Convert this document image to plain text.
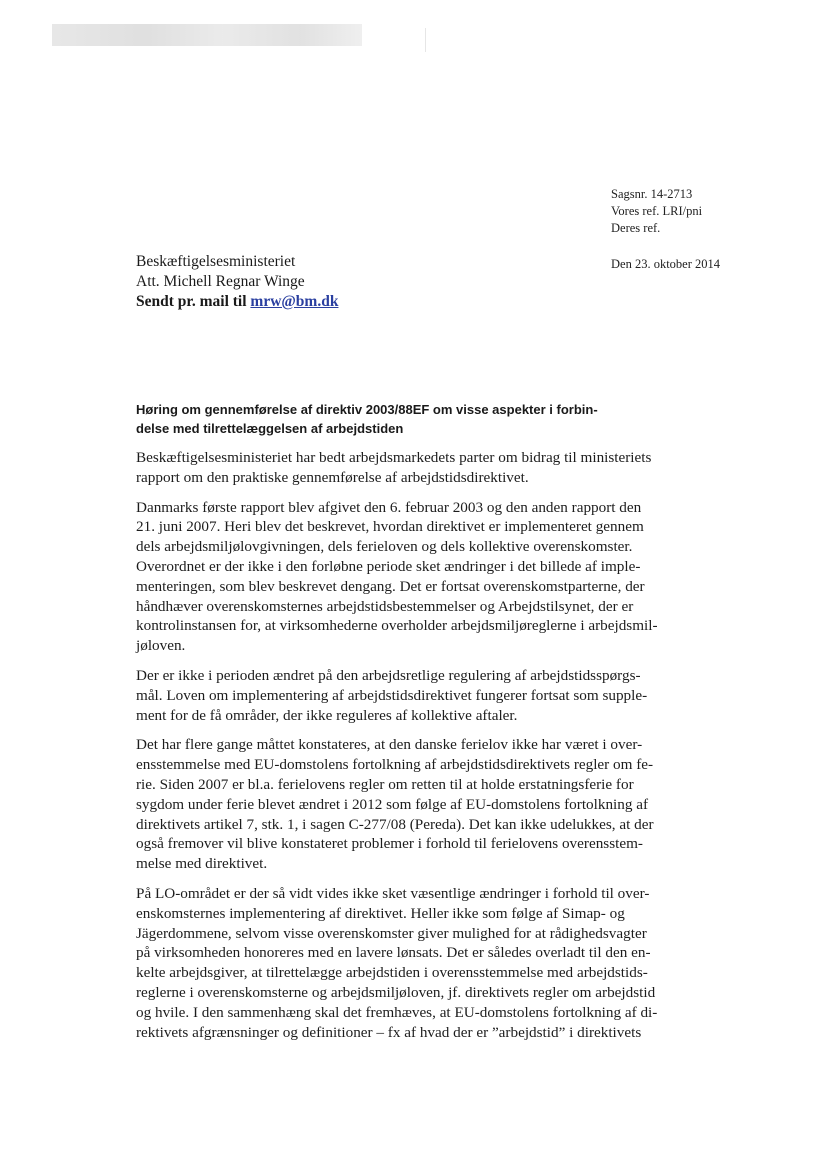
Sagsnr. 14-2713
Vores ref. LRI/pni
Deres ref.
Den 23. oktober 2014
Beskæftigelsesministeriet
Att. Michell Regnar Winge
Sendt pr. mail til mrw@bm.dk
Høring om gennemførelse af direktiv 2003/88EF om visse aspekter i forbin-
delse med tilrettelæggelsen af arbejdstiden

Beskæftigelsesministeriet har bedt arbejdsmarkedets parter om bidrag til ministeriets
rapport om den praktiske gennemførelse af arbejdstidsdirektivet.

Danmarks første rapport blev afgivet den 6. februar 2003 og den anden rapport den
21. juni 2007. Heri blev det beskrevet, hvordan direktivet er implementeret gennem
dels arbejdsmiljølovgivningen, dels ferieloven og dels kollektive overenskomster.
Overordnet er der ikke i den forløbne periode sket ændringer i det billede af imple-
menteringen, som blev beskrevet dengang. Det er fortsat overenskomstparterne, der
håndhæver overenskomsternes arbejdstidsbestemmelser og Arbejdstilsynet, der er
kontrolinstansen for, at virksomhederne overholder arbejdsmiljøreglerne i arbejdsmil-
jøloven.

Der er ikke i perioden ændret på den arbejdsretlige regulering af arbejdstidsspørgs-
mål. Loven om implementering af arbejdstidsdirektivet fungerer fortsat som supple-
ment for de få områder, der ikke reguleres af kollektive aftaler.

Det har flere gange måttet konstateres, at den danske ferielov ikke har været i over-
ensstemmelse med EU-domstolens fortolkning af arbejdstidsdirektivets regler om fe-
rie. Siden 2007 er bl.a. ferielovens regler om retten til at holde erstatningsferie for
sygdom under ferie blevet ændret i 2012 som følge af EU-domstolens fortolkning af
direktivets artikel 7, stk. 1, i sagen C-277/08 (Pereda). Det kan ikke udelukkes, at der
også fremover vil blive konstateret problemer i forhold til ferielovens overensstem-
melse med direktivet.

På LO-området er der så vidt vides ikke sket væsentlige ændringer i forhold til over-
enskomsternes implementering af direktivet. Heller ikke som følge af Simap- og
Jägerdommene, selvom visse overenskomster giver mulighed for at rådighedsvagter
på virksomheden honoreres med en lavere lønsats. Det er således overladt til den en-
kelte arbejdsgiver, at tilrettelægge arbejdstiden i overensstemmelse med arbejdstids-
reglerne i overenskomsterne og arbejdsmiljøloven, jf. direktivets regler om arbejdstid
og hvile. I den sammenhæng skal det fremhæves, at EU-domstolens fortolkning af di-
rektivets afgrænsninger og definitioner – fx af hvad der er ”arbejdstid” i direktivets
